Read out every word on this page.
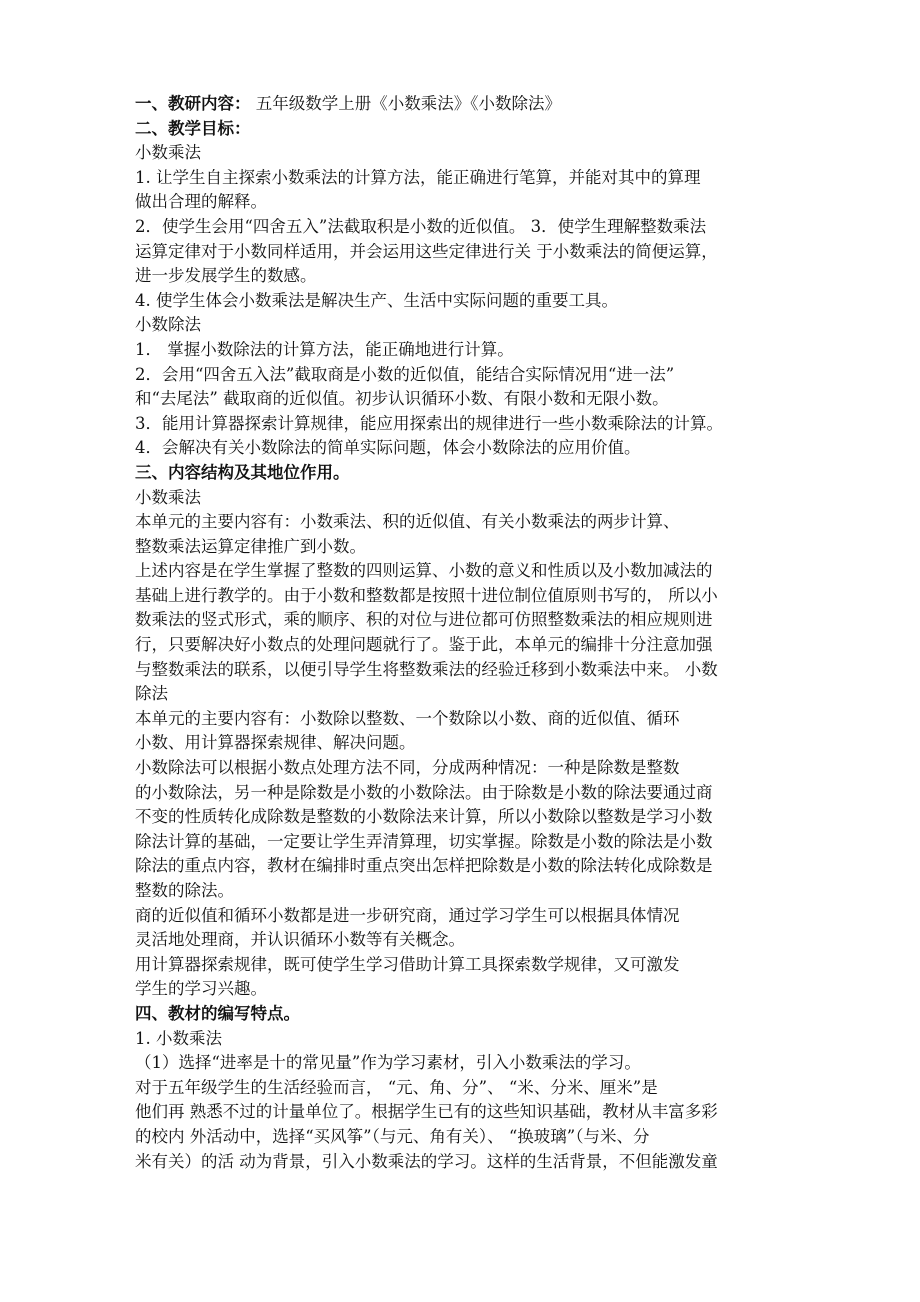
一、教研内容： 五年级数学上册《小数乘法》《小数除法》
二、教学目标：
小数乘法
1. 让学生自主探索小数乘法的计算方法，能正确进行笔算，并能对其中的算理
做出合理的解释。
2．使学生会用“四舍五入”法截取积是小数的近似值。 3．使学生理解整数乘法
运算定律对于小数同样适用，并会运用这些定律进行关 于小数乘法的简便运算，
进一步发展学生的数感。
4. 使学生体会小数乘法是解决生产、生活中实际问题的重要工具。
小数除法
1． 掌握小数除法的计算方法，能正确地进行计算。
2．会用“四舍五入法”截取商是小数的近似值，能结合实际情况用“进一法”
和“去尾法” 截取商的近似值。初步认识循环小数、有限小数和无限小数。
3．能用计算器探索计算规律，能应用探索出的规律进行一些小数乘除法的计算。
4．会解决有关小数除法的简单实际问题，体会小数除法的应用价值。
三、内容结构及其地位作用。
小数乘法
本单元的主要内容有：小数乘法、积的近似值、有关小数乘法的两步计算、
整数乘法运算定律推广到小数。
上述内容是在学生掌握了整数的四则运算、小数的意义和性质以及小数加减法的
基础上进行教学的。由于小数和整数都是按照十进位制位值原则书写的， 所以小
数乘法的竖式形式，乘的顺序、积的对位与进位都可仿照整数乘法的相应规则进
行，只要解决好小数点的处理问题就行了。鉴于此，本单元的编排十分注意加强
与整数乘法的联系，以便引导学生将整数乘法的经验迁移到小数乘法中来。 小数
除法
本单元的主要内容有：小数除以整数、一个数除以小数、商的近似值、循环
小数、用计算器探索规律、解决问题。
小数除法可以根据小数点处理方法不同，分成两种情况：一种是除数是整数
的小数除法，另一种是除数是小数的小数除法。由于除数是小数的除法要通过商
不变的性质转化成除数是整数的小数除法来计算，所以小数除以整数是学习小数
除法计算的基础，一定要让学生弄清算理，切实掌握。除数是小数的除法是小数
除法的重点内容，教材在编排时重点突出怎样把除数是小数的除法转化成除数是
整数的除法。
商的近似值和循环小数都是进一步研究商，通过学习学生可以根据具体情况
灵活地处理商，并认识循环小数等有关概念。
用计算器探索规律，既可使学生学习借助计算工具探索数学规律，又可激发
学生的学习兴趣。
四、教材的编写特点。
1. 小数乘法
（1）选择“进率是十的常见量”作为学习素材，引入小数乘法的学习。
对于五年级学生的生活经验而言， “元、角、分”、 “米、分米、厘米”是
他们再 熟悉不过的计量单位了。根据学生已有的这些知识基础，教材从丰富多彩
的校内 外活动中，选择“买风筝”（与元、角有关）、 “换玻璃”（与米、分
米有关）的活 动为背景，引入小数乘法的学习。这样的生活背景，不但能激发童
